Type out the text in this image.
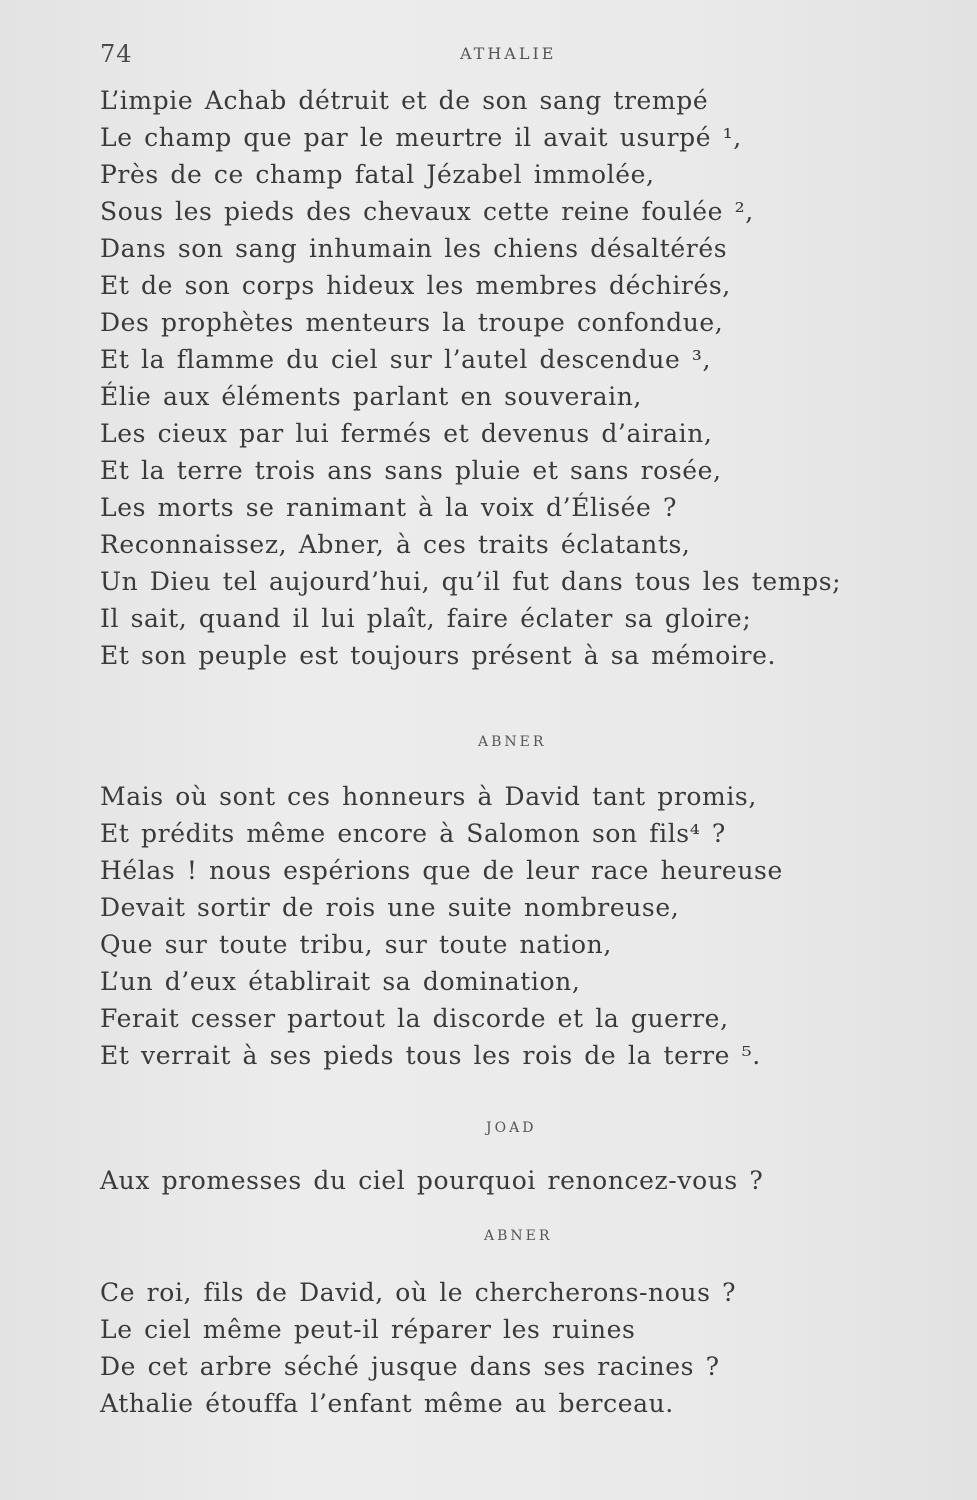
74	ATHALIE
L’impie Achab détruit et de son sang trempé
Le champ que par le meurtre il avait usurpé ¹,
Près de ce champ fatal Jézabel immolée,
Sous les pieds des chevaux cette reine foulée ²,
Dans son sang inhumain les chiens désaltérés
Et de son corps hideux les membres déchirés,
Des prophètes menteurs la troupe confondue,
Et la flamme du ciel sur l’autel descendue ³,
Élie aux éléments parlant en souverain,
Les cieux par lui fermés et devenus d’airain,
Et la terre trois ans sans pluie et sans rosée,
Les morts se ranimant à la voix d’Élisée ?
Reconnaissez, Abner, à ces traits éclatants,
Un Dieu tel aujourd’hui, qu’il fut dans tous les temps;
Il sait, quand il lui plaît, faire éclater sa gloire;
Et son peuple est toujours présent à sa mémoire.
ABNER
Mais où sont ces honneurs à David tant promis,
Et prédits même encore à Salomon son fils⁴ ?
Hélas ! nous espérions que de leur race heureuse
Devait sortir de rois une suite nombreuse,
Que sur toute tribu, sur toute nation,
L’un d’eux établirait sa domination,
Ferait cesser partout la discorde et la guerre,
Et verrait à ses pieds tous les rois de la terre ⁵.
JOAD
Aux promesses du ciel pourquoi renoncez-vous ?
ABNER
Ce roi, fils de David, où le chercherons-nous ?
Le ciel même peut-il réparer les ruines
De cet arbre séché jusque dans ses racines ?
Athalie étouffa l’enfant même au berceau.
